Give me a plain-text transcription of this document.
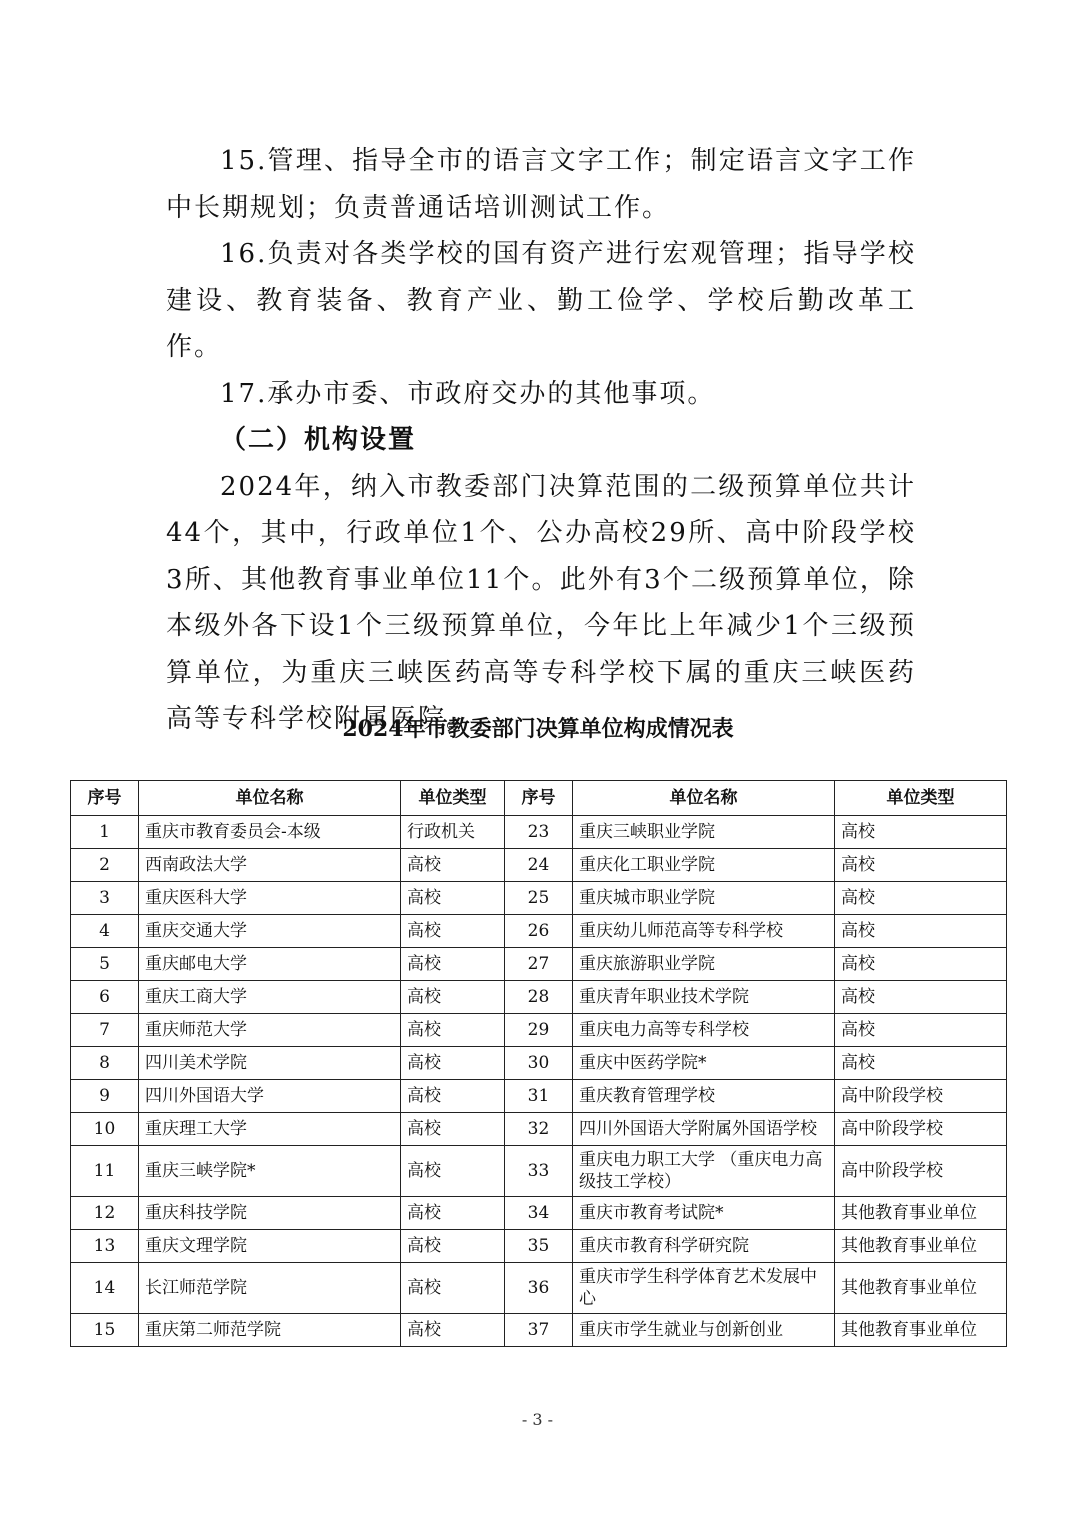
15.管理、指导全市的语言文字工作；制定语言文字工作中长期规划；负责普通话培训测试工作。

16.负责对各类学校的国有资产进行宏观管理；指导学校建设、教育装备、教育产业、勤工俭学、学校后勤改革工作。

17.承办市委、市政府交办的其他事项。

（二）机构设置

2024年，纳入市教委部门决算范围的二级预算单位共计44个，其中，行政单位1个、公办高校29所、高中阶段学校3所、其他教育事业单位11个。此外有3个二级预算单位，除本级外各下设1个三级预算单位，今年比上年减少1个三级预算单位，为重庆三峡医药高等专科学校下属的重庆三峡医药高等专科学校附属医院。

2024年市教委部门决算单位构成情况表
序号	单位名称	单位类型	序号	单位名称	单位类型
1	重庆市教育委员会-本级	行政机关	23	重庆三峡职业学院	高校
2	西南政法大学	高校	24	重庆化工职业学院	高校
3	重庆医科大学	高校	25	重庆城市职业学院	高校
4	重庆交通大学	高校	26	重庆幼儿师范高等专科学校	高校
5	重庆邮电大学	高校	27	重庆旅游职业学院	高校
6	重庆工商大学	高校	28	重庆青年职业技术学院	高校
7	重庆师范大学	高校	29	重庆电力高等专科学校	高校
8	四川美术学院	高校	30	重庆中医药学院*	高校
9	四川外国语大学	高校	31	重庆教育管理学校	高中阶段学校
10	重庆理工大学	高校	32	四川外国语大学附属外国语学校	高中阶段学校
11	重庆三峡学院*	高校	33	重庆电力职工大学 （重庆电力高级技工学校）	高中阶段学校
12	重庆科技学院	高校	34	重庆市教育考试院*	其他教育事业单位
13	重庆文理学院	高校	35	重庆市教育科学研究院	其他教育事业单位
14	长江师范学院	高校	36	重庆市学生科学体育艺术发展中心	其他教育事业单位
15	重庆第二师范学院	高校	37	重庆市学生就业与创新创业	其他教育事业单位
- 3 -
